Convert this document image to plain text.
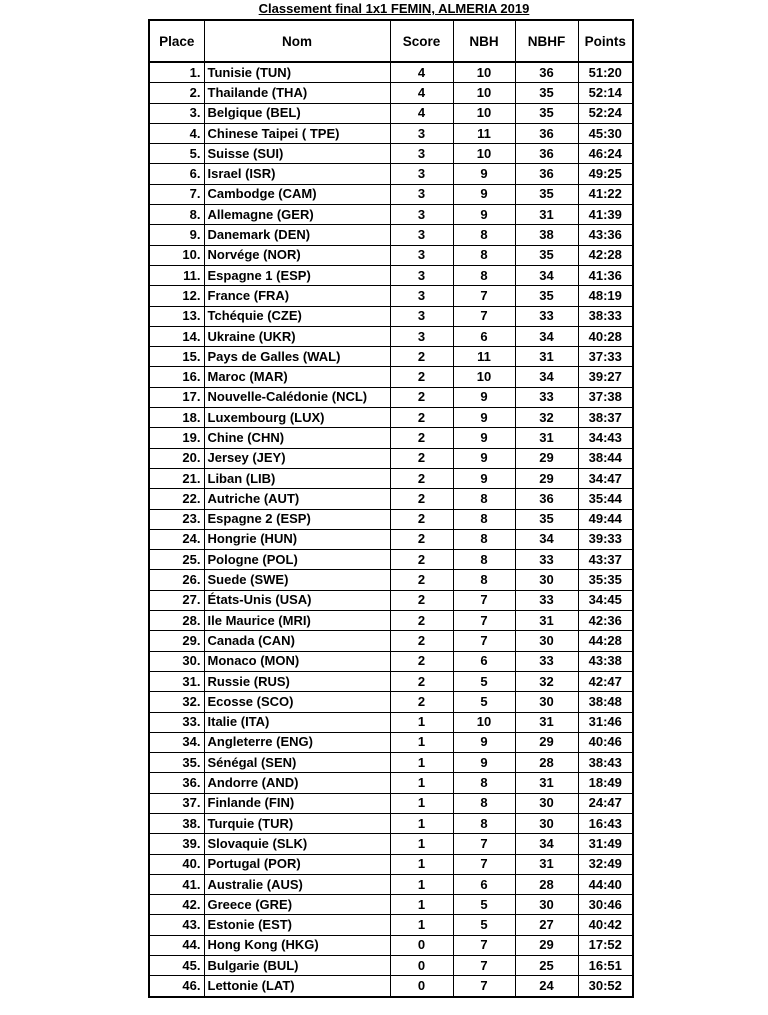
Classement final 1x1 FEMIN, ALMERIA 2019
Place	Nom	Score	NBH	NBHF	Points
1.	Tunisie (TUN)	4	10	36	51:20
2.	Thailande (THA)	4	10	35	52:14
3.	Belgique (BEL)	4	10	35	52:24
4.	Chinese Taipei ( TPE)	3	11	36	45:30
5.	Suisse (SUI)	3	10	36	46:24
6.	Israel (ISR)	3	9	36	49:25
7.	Cambodge (CAM)	3	9	35	41:22
8.	Allemagne (GER)	3	9	31	41:39
9.	Danemark (DEN)	3	8	38	43:36
10.	Norvége (NOR)	3	8	35	42:28
11.	Espagne 1 (ESP)	3	8	34	41:36
12.	France (FRA)	3	7	35	48:19
13.	Tchéquie (CZE)	3	7	33	38:33
14.	Ukraine (UKR)	3	6	34	40:28
15.	Pays de Galles (WAL)	2	11	31	37:33
16.	Maroc (MAR)	2	10	34	39:27
17.	Nouvelle-Calédonie (NCL)	2	9	33	37:38
18.	Luxembourg (LUX)	2	9	32	38:37
19.	Chine (CHN)	2	9	31	34:43
20.	Jersey (JEY)	2	9	29	38:44
21.	Liban (LIB)	2	9	29	34:47
22.	Autriche (AUT)	2	8	36	35:44
23.	Espagne 2 (ESP)	2	8	35	49:44
24.	Hongrie (HUN)	2	8	34	39:33
25.	Pologne (POL)	2	8	33	43:37
26.	Suede (SWE)	2	8	30	35:35
27.	États-Unis (USA)	2	7	33	34:45
28.	Ile Maurice (MRI)	2	7	31	42:36
29.	Canada (CAN)	2	7	30	44:28
30.	Monaco (MON)	2	6	33	43:38
31.	Russie (RUS)	2	5	32	42:47
32.	Ecosse (SCO)	2	5	30	38:48
33.	Italie (ITA)	1	10	31	31:46
34.	Angleterre (ENG)	1	9	29	40:46
35.	Sénégal (SEN)	1	9	28	38:43
36.	Andorre (AND)	1	8	31	18:49
37.	Finlande (FIN)	1	8	30	24:47
38.	Turquie (TUR)	1	8	30	16:43
39.	Slovaquie (SLK)	1	7	34	31:49
40.	Portugal (POR)	1	7	31	32:49
41.	Australie (AUS)	1	6	28	44:40
42.	Greece (GRE)	1	5	30	30:46
43.	Estonie (EST)	1	5	27	40:42
44.	Hong Kong (HKG)	0	7	29	17:52
45.	Bulgarie (BUL)	0	7	25	16:51
46.	Lettonie (LAT)	0	7	24	30:52
